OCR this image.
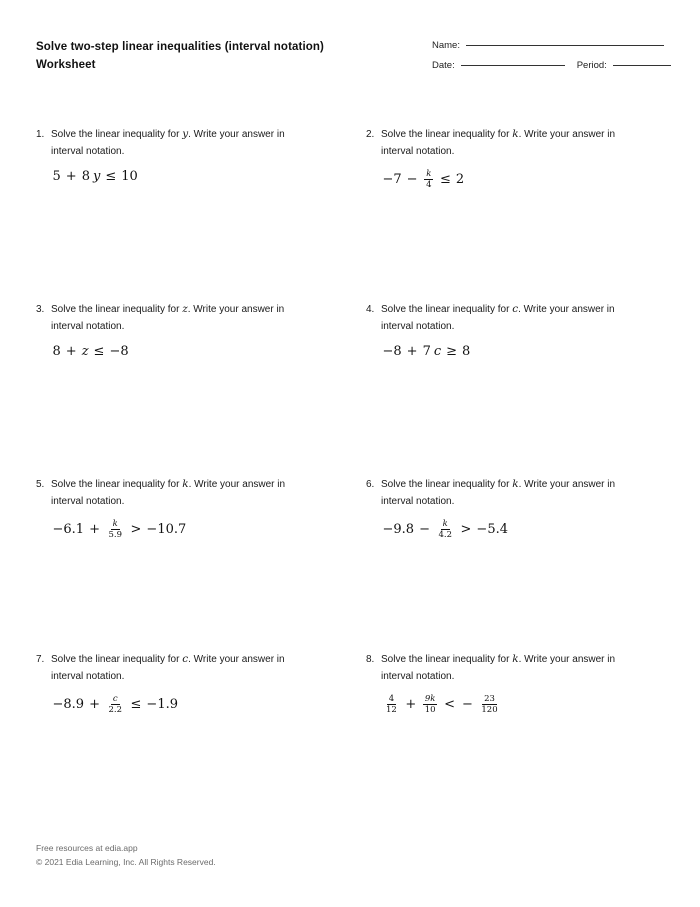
Solve two-step linear inequalities (interval notation)
Worksheet
Name:
Date:	Period:
1. Solve the linear inequality for y. Write your answer in interval notation.
5 + 8 y ≤ 10
2. Solve the linear inequality for k. Write your answer in interval notation.
$-7 - \frac{k}{4} \le 2$
3. Solve the linear inequality for z. Write your answer in interval notation.
8 + z ≤ −8
4. Solve the linear inequality for c. Write your answer in interval notation.
−8 + 7 c ≥ 8
5. Solve the linear inequality for k. Write your answer in interval notation.
$-6.1 + \frac{k}{5.9} > -10.7$
6. Solve the linear inequality for k. Write your answer in interval notation.
$-9.8 - \frac{k}{4.2} > -5.4$
7. Solve the linear inequality for c. Write your answer in interval notation.
$-8.9 + \frac{c}{2.2} \le -1.9$
8. Solve the linear inequality for k. Write your answer in interval notation.
$\frac{4}{12} + \frac{9k}{10}$ < − $\frac{23}{120}$
Free resources at edia.app
© 2021 Edia Learning, Inc. All Rights Reserved.
